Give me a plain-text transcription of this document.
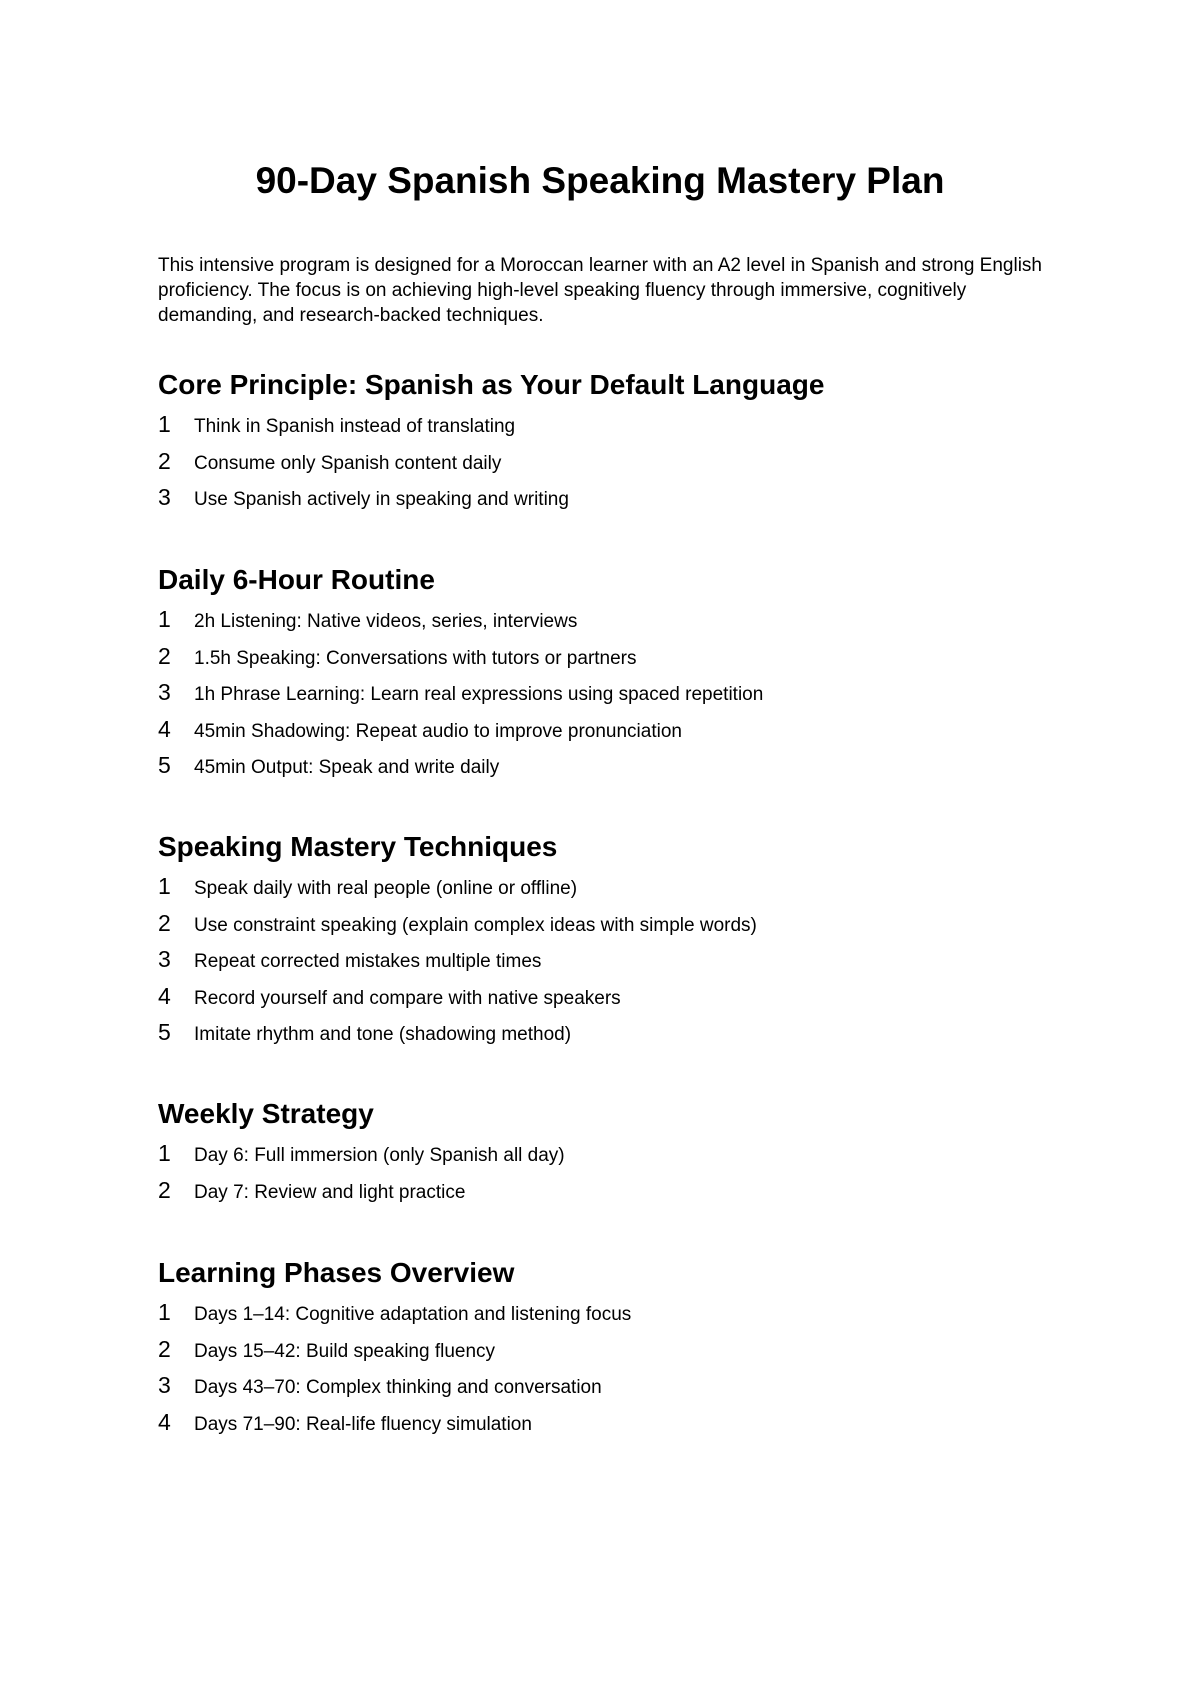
90-Day Spanish Speaking Mastery Plan

This intensive program is designed for a Moroccan learner with an A2 level in Spanish and strong English proficiency. The focus is on achieving high-level speaking fluency through immersive, cognitively demanding, and research-backed techniques.

Core Principle: Spanish as Your Default Language
1	Think in Spanish instead of translating
2	Consume only Spanish content daily
3	Use Spanish actively in speaking and writing
Daily 6-Hour Routine
1	2h Listening: Native videos, series, interviews
2	1.5h Speaking: Conversations with tutors or partners
3	1h Phrase Learning: Learn real expressions using spaced repetition
4	45min Shadowing: Repeat audio to improve pronunciation
5	45min Output: Speak and write daily
Speaking Mastery Techniques
1	Speak daily with real people (online or offline)
2	Use constraint speaking (explain complex ideas with simple words)
3	Repeat corrected mistakes multiple times
4	Record yourself and compare with native speakers
5	Imitate rhythm and tone (shadowing method)
Weekly Strategy
1	Day 6: Full immersion (only Spanish all day)
2	Day 7: Review and light practice
Learning Phases Overview
1	Days 1–14: Cognitive adaptation and listening focus
2	Days 15–42: Build speaking fluency
3	Days 43–70: Complex thinking and conversation
4	Days 71–90: Real-life fluency simulation
